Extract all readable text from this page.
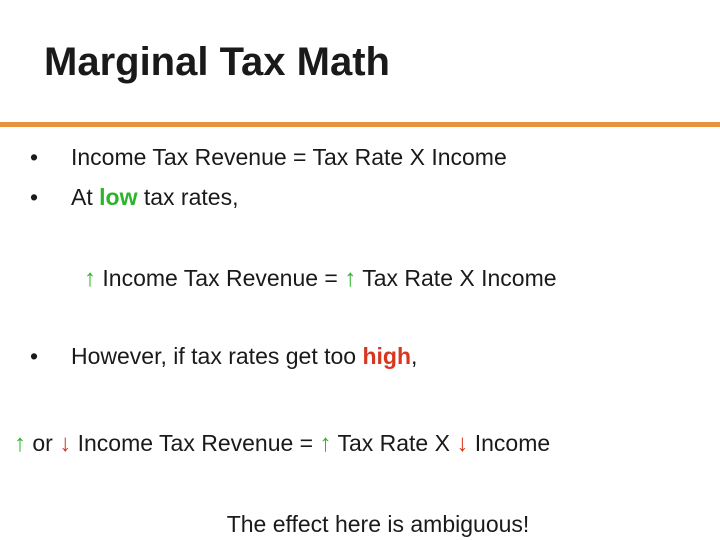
Marginal Tax Math
• Income Tax Revenue = Tax Rate X Income
• At low tax rates,
↑ Income Tax Revenue = ↑ Tax Rate X Income
• However, if tax rates get too high,
↑ or ↓ Income Tax Revenue = ↑ Tax Rate X ↓ Income
The effect here is ambiguous!
